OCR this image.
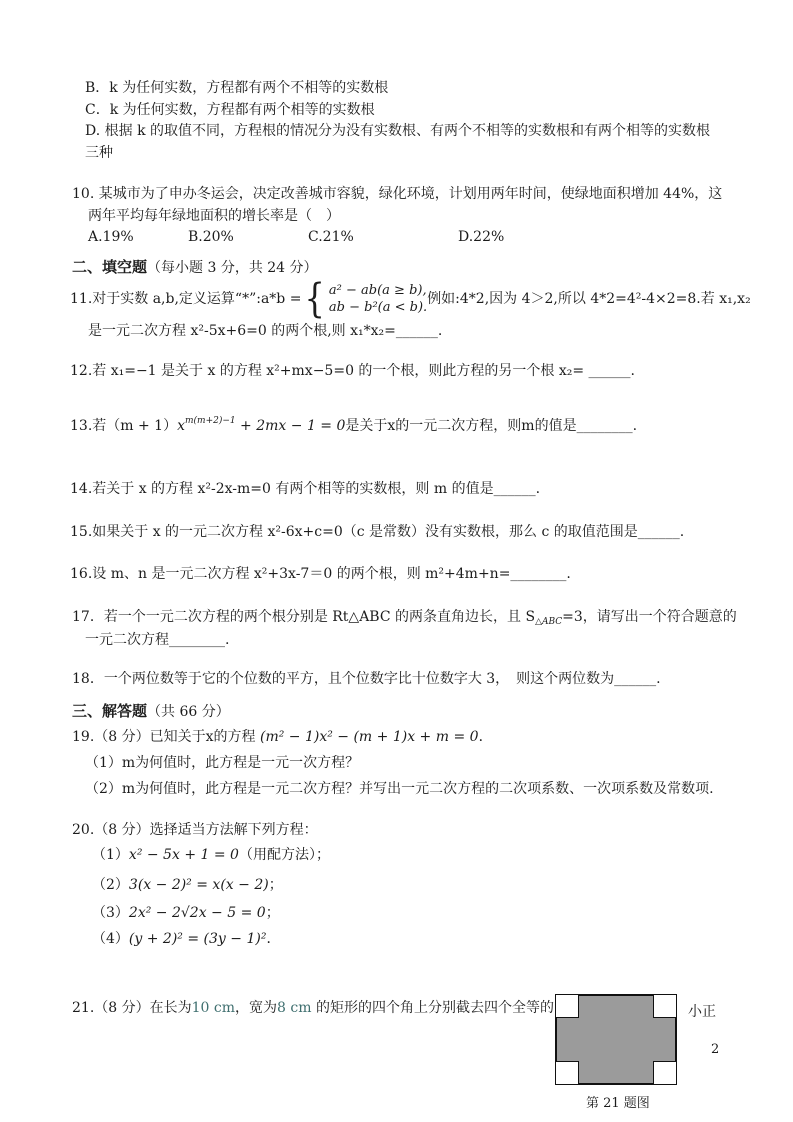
B．k 为任何实数，方程都有两个不相等的实数根
C．k 为任何实数，方程都有两个相等的实数根
D. 根据 k 的取值不同，方程根的情况分为没有实数根、有两个不相等的实数根和有两个相等的实数根
三种
10. 某城市为了申办冬运会，决定改善城市容貌，绿化环境，计划用两年时间，使绿地面积增加 44%，这
两年平均每年绿地面积的增长率是（　）
A.19%	B.20%	C.21%	D.22%
二、填空题（每小题 3 分，共 24 分）
11.对于实数 a,b,定义运算“*”:a*b = { a² − ab(a ≥ b),
ab − b²(a < b).
例如:4*2,因为 4＞2,所以 4*2=4²-4×2=8.若 x₁,x₂
是一元二次方程 x²-5x+6=0 的两个根,则 x₁*x₂=______.
12.若 x₁=−1 是关于 x 的方程 x²+mx−5=0 的一个根，则此方程的另一个根 x₂= ______.
13.若$(m + 1)x^{m(m+2)-1} + 2mx - 1 = 0$是关于x的一元二次方程，则m的值是________.
14.若关于 x 的方程 x²-2x-m=0 有两个相等的实数根，则 m 的值是______.
15.如果关于 x 的一元二次方程 x²-6x+c=0（c 是常数）没有实数根，那么 c 的取值范围是______.
16.设 m、n 是一元二次方程 x²+3x-7＝0 的两个根，则 m²+4m+n=________.
17．若一个一元二次方程的两个根分别是 Rt△ABC 的两条直角边长，且 $S_{\triangle ABC}=3$，请写出一个符合题意的
一元二次方程________.
18．一个两位数等于它的个位数的平方，且个位数字比十位数字大 3，　则这个两位数为______.
三、解答题（共 66 分）
19.（8 分）已知关于x的方程 (m² − 1)x² − (m + 1)x + m = 0．
（1）m为何值时，此方程是一元一次方程？
（2）m为何值时，此方程是一元二次方程？并写出一元二次方程的二次项系数、一次项系数及常数项.
20.（8 分）选择适当方法解下列方程：
（1）x² − 5x + 1 = 0（用配方法）；
（2）3(x − 2)² = x(x − 2)；
（3）2x² − 2√2x − 5 = 0；
（4）(y + 2)² = (3y − 1)²．
21.（8 分）在长为10 cm，宽为8 cm 的矩形的四个角上分别截去四个全等的	小正
第 21 题图
2
